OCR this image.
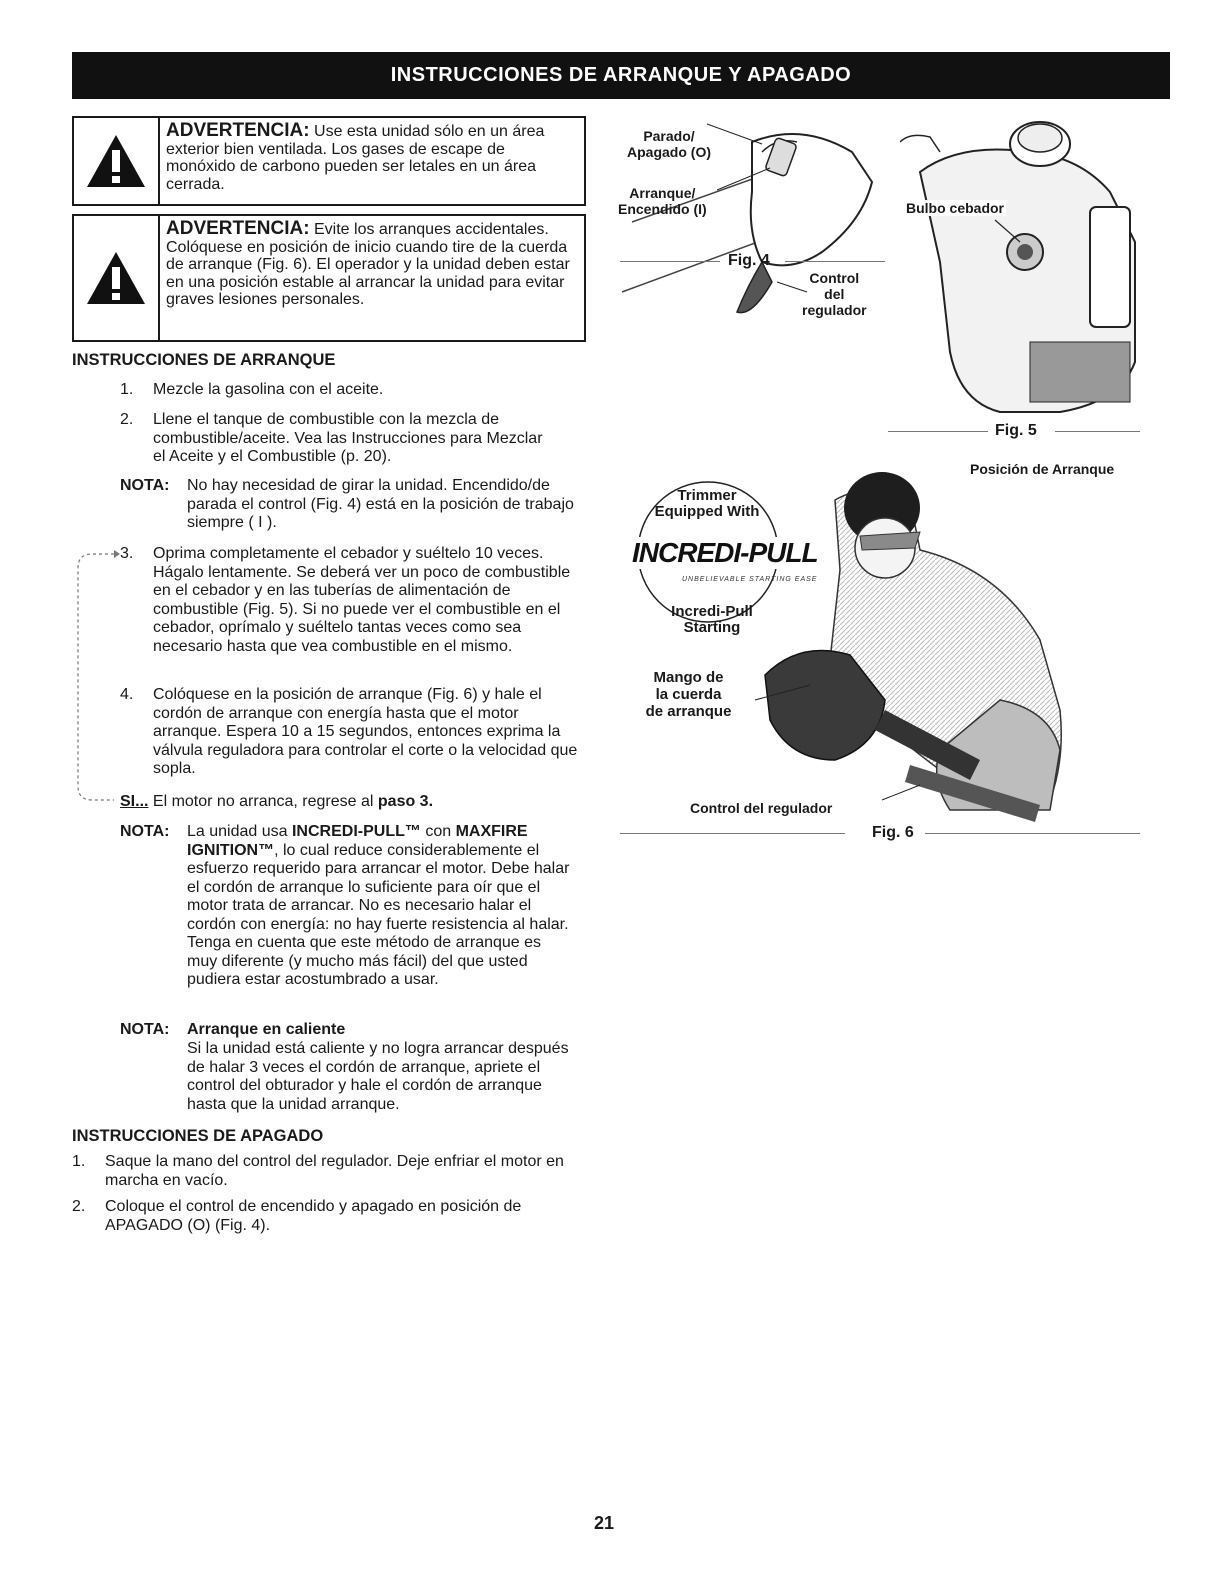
INSTRUCCIONES DE ARRANQUE Y APAGADO
ADVERTENCIA: Use esta unidad sólo en un área exterior bien ventilada. Los gases de escape de monóxido de carbono pueden ser letales en un área cerrada.
ADVERTENCIA: Evite los arranques accidentales. Colóquese en posición de inicio cuando tire de la cuerda de arranque (Fig. 6). El operador y la unidad deben estar en una posición estable al arrancar la unidad para evitar graves lesiones personales.
INSTRUCCIONES DE ARRANQUE
1. Mezcle la gasolina con el aceite.
2. Llene el tanque de combustible con la mezcla de combustible/aceite. Vea las Instrucciones para Mezclar el Aceite y el Combustible (p. 20).
NOTA: No hay necesidad de girar la unidad. Encendido/de parada el control (Fig. 4) está en la posición de trabajo siempre ( I ).
3. Oprima completamente el cebador y suéltelo 10 veces. Hágalo lentamente. Se deberá ver un poco de combustible en el cebador y en las tuberías de alimentación de combustible (Fig. 5). Si no puede ver el combustible en el cebador, oprímalo y suéltelo tantas veces como sea necesario hasta que vea combustible en el mismo.
4. Colóquese en la posición de arranque (Fig. 6) y hale el cordón de arranque con energía hasta que el motor arranque. Espera 10 a 15 segundos, entonces exprima la válvula reguladora para controlar el corte o la velocidad que sopla.
SI... El motor no arranca, regrese al paso 3.
NOTA: La unidad usa INCREDI-PULL™ con MAXFIRE IGNITION™, lo cual reduce considerablemente el esfuerzo requerido para arrancar el motor. Debe halar el cordón de arranque lo suficiente para oír que el motor trata de arrancar. No es necesario halar el cordón con energía: no hay fuerte resistencia al halar. Tenga en cuenta que este método de arranque es muy diferente (y mucho más fácil) del que usted pudiera estar acostumbrado a usar.
NOTA: Arranque en caliente
Si la unidad está caliente y no logra arrancar después de halar 3 veces el cordón de arranque, apriete el control del obturador y hale el cordón de arranque hasta que la unidad arranque.
INSTRUCCIONES DE APAGADO
1. Saque la mano del control del regulador. Deje enfriar el motor en marcha en vacío.
2. Coloque el control de encendido y apagado en posición de APAGADO (O) (Fig. 4).
Parado/
Apagado (O)
Arranque/
Encendido (I)
Control
del
regulador
Fig. 4
Bulbo cebador
Fig. 5
Posición de Arranque
Trimmer
Equipped With
INCREDI-PULL
UNBELIEVABLE STARTING EASE
Incredi-Pull
Starting
Mango de
la cuerda
de arranque
Control del regulador
Fig. 6
21
